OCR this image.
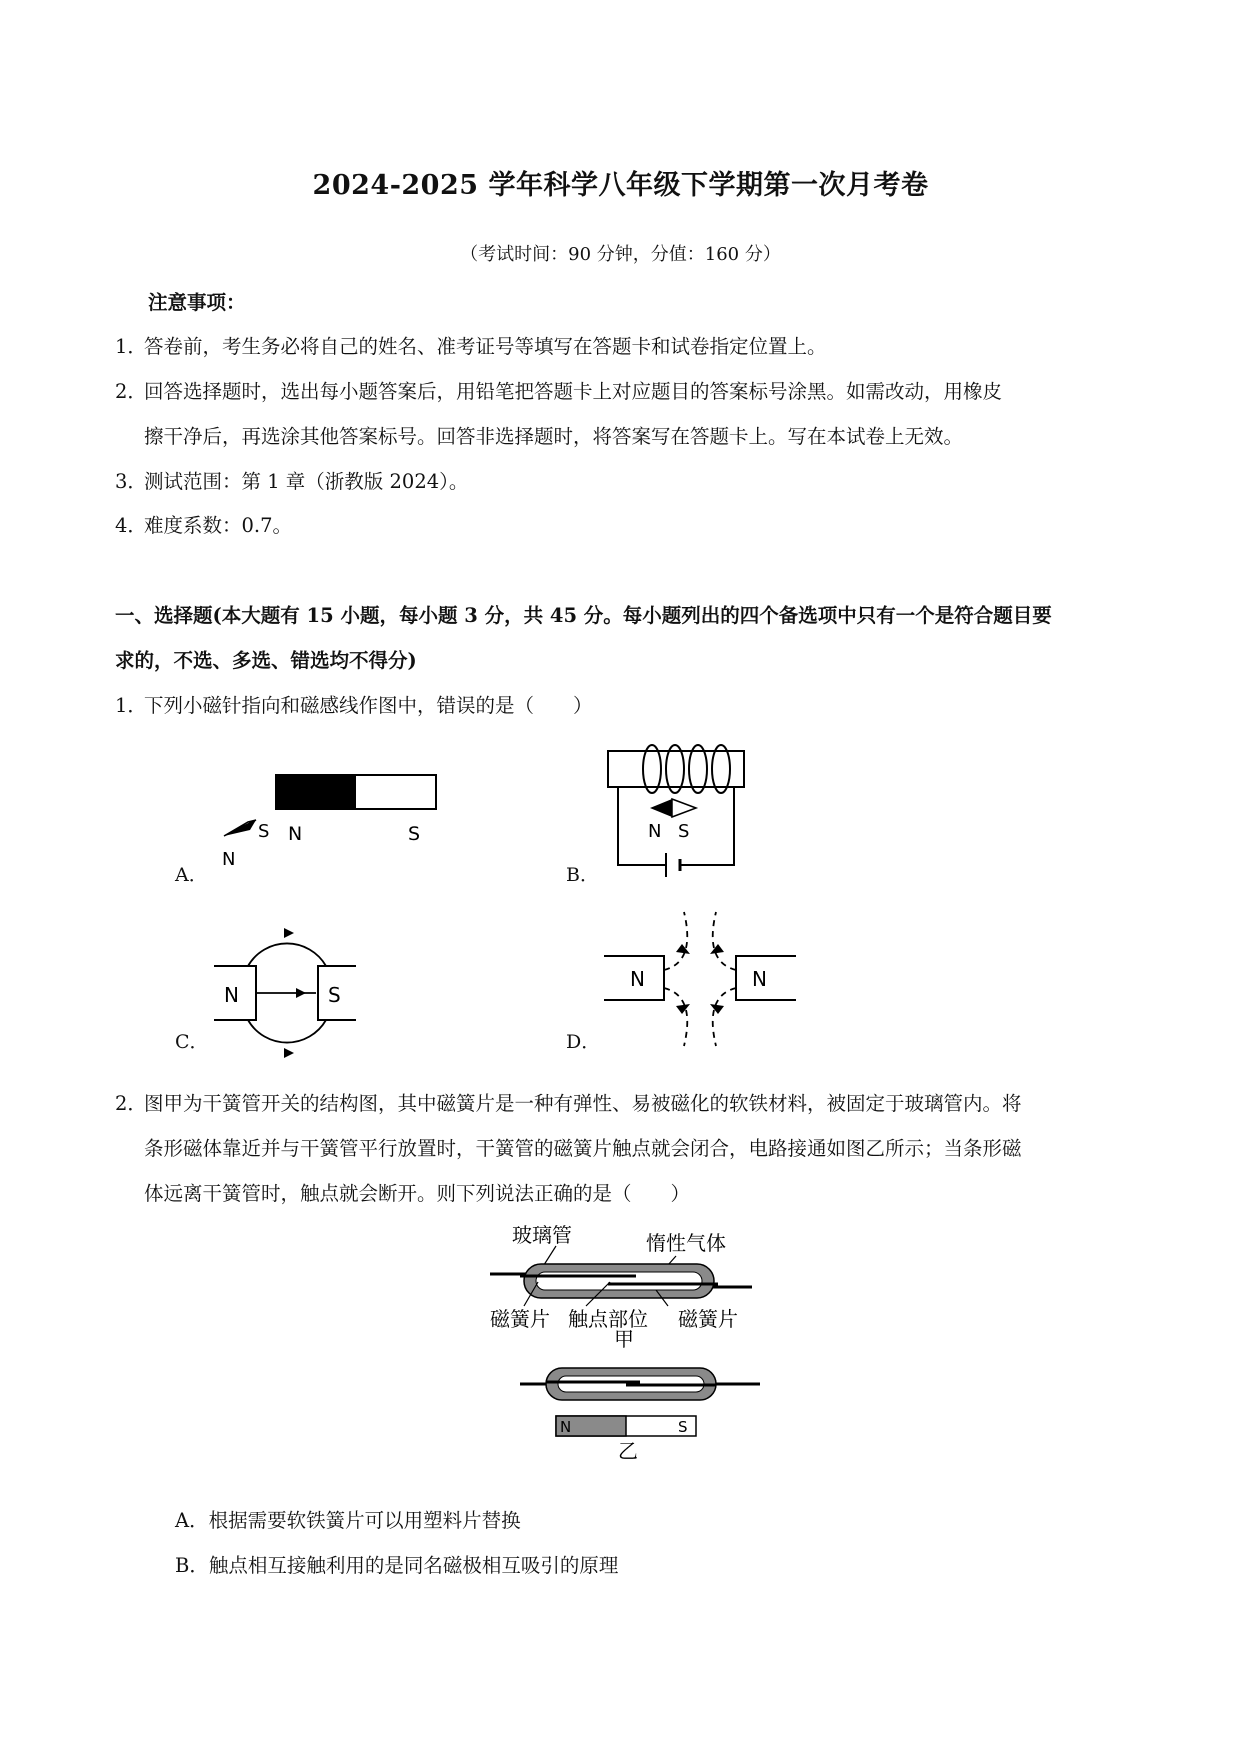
2024-2025 学年科学八年级下学期第一次月考卷
（考试时间：90 分钟，分值：160 分）
注意事项：
1．答卷前，考生务必将自己的姓名、准考证号等填写在答题卡和试卷指定位置上。
2．回答选择题时，选出每小题答案后，用铅笔把答题卡上对应题目的答案标号涂黑。如需改动，用橡皮
擦干净后，再选涂其他答案标号。回答非选择题时，将答案写在答题卡上。写在本试卷上无效。
3．测试范围：第 1 章（浙教版 2024）。
4．难度系数：0.7。
一、选择题(本大题有 15 小题，每小题 3 分，共 45 分。每小题列出的四个备选项中只有一个是符合题目要
求的，不选、多选、错选均不得分)
1．下列小磁针指向和磁感线作图中，错误的是（　　）
A．
N	S
S
N
B．
N S
C．
N	S
D．
N	N
2．图甲为干簧管开关的结构图，其中磁簧片是一种有弹性、易被磁化的软铁材料，被固定于玻璃管内。将
条形磁体靠近并与干簧管平行放置时，干簧管的磁簧片触点就会闭合，电路接通如图乙所示；当条形磁
体远离干簧管时，触点就会断开。则下列说法正确的是（　　）
玻璃管	惰性气体
磁簧片 触点部位 磁簧片
甲
N	S
乙
A．根据需要软铁簧片可以用塑料片替换
B．触点相互接触利用的是同名磁极相互吸引的原理
